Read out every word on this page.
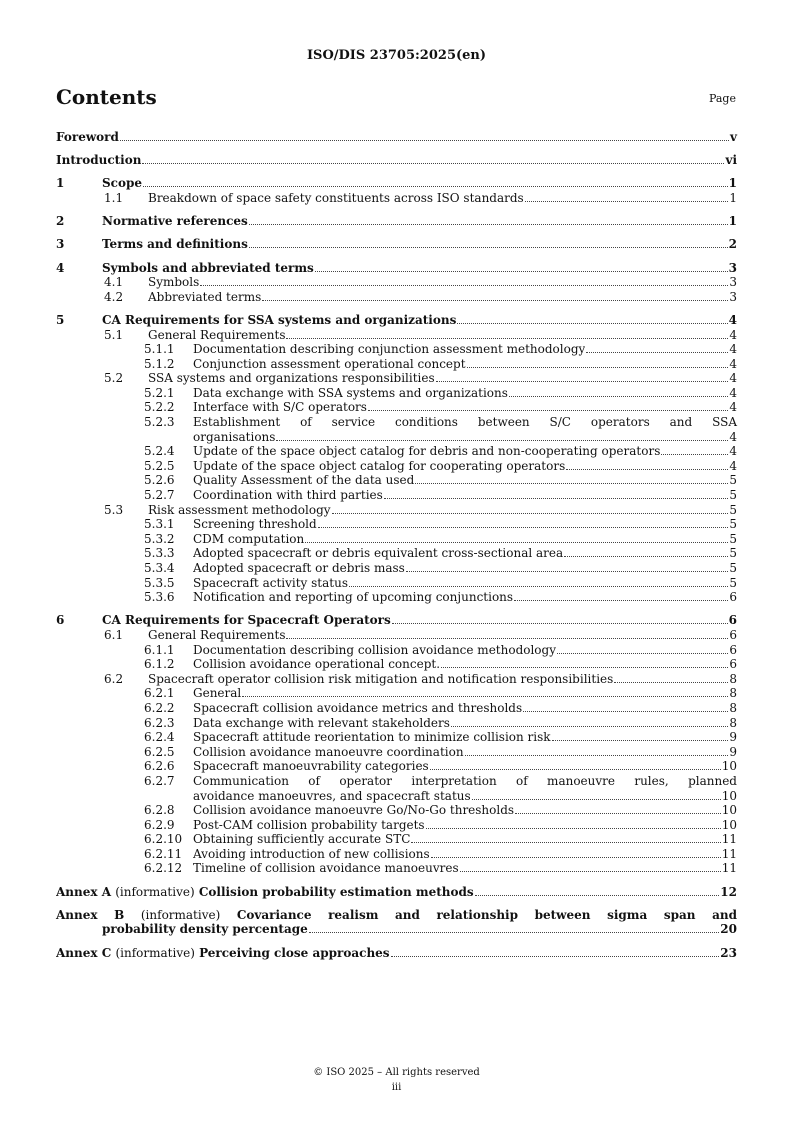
ISO/DIS 23705:2025(en)
Contents	Page
Foreword	v
Introduction	vi
1	Scope	1
1.1 Breakdown of space safety constituents across ISO standards	1
2	Normative references	1
3	Terms and definitions	2
4	Symbols and abbreviated terms	3
4.1 Symbols	3
4.2 Abbreviated terms	3
5	CA Requirements for SSA systems and organizations	4
5.1 General Requirements	4
5.1.1 Documentation describing conjunction assessment methodology	4
5.1.2 Conjunction assessment operational concept	4
5.2 SSA systems and organizations responsibilities	4
5.2.1 Data exchange with SSA systems and organizations	4
5.2.2 Interface with S/C operators	4
5.2.3 Establishment of service conditions between S/C operators and SSA
organisations	4
5.2.4 Update of the space object catalog for debris and non-cooperating operators	4
5.2.5 Update of the space object catalog for cooperating operators	4
5.2.6 Quality Assessment of the data used	5
5.2.7 Coordination with third parties	5
5.3 Risk assessment methodology	5
5.3.1 Screening threshold	5
5.3.2 CDM computation	5
5.3.3 Adopted spacecraft or debris equivalent cross-sectional area	5
5.3.4 Adopted spacecraft or debris mass	5
5.3.5 Spacecraft activity status	5
5.3.6 Notification and reporting of upcoming conjunctions	6
6	CA Requirements for Spacecraft Operators	6
6.1 General Requirements	6
6.1.1 Documentation describing collision avoidance methodology	6
6.1.2 Collision avoidance operational concept.	6
6.2 Spacecraft operator collision risk mitigation and notification responsibilities	8
6.2.1 General	8
6.2.2 Spacecraft collision avoidance metrics and thresholds	8
6.2.3 Data exchange with relevant stakeholders	8
6.2.4 Spacecraft attitude reorientation to minimize collision risk	9
6.2.5 Collision avoidance manoeuvre coordination	9
6.2.6 Spacecraft manoeuvrability categories	10
6.2.7 Communication of operator interpretation of manoeuvre rules, planned
avoidance manoeuvres, and spacecraft status	10
6.2.8 Collision avoidance manoeuvre Go/No-Go thresholds	10
6.2.9 Post-CAM collision probability targets	10
6.2.10 Obtaining sufficiently accurate STC	11
6.2.11 Avoiding introduction of new collisions	11
6.2.12 Timeline of collision avoidance manoeuvres	11
Annex A (informative) Collision probability estimation methods	12
Annex B (informative) Covariance realism and relationship between sigma span and
probability density percentage	20
Annex C (informative) Perceiving close approaches	23
© ISO 2025 – All rights reserved
iii
